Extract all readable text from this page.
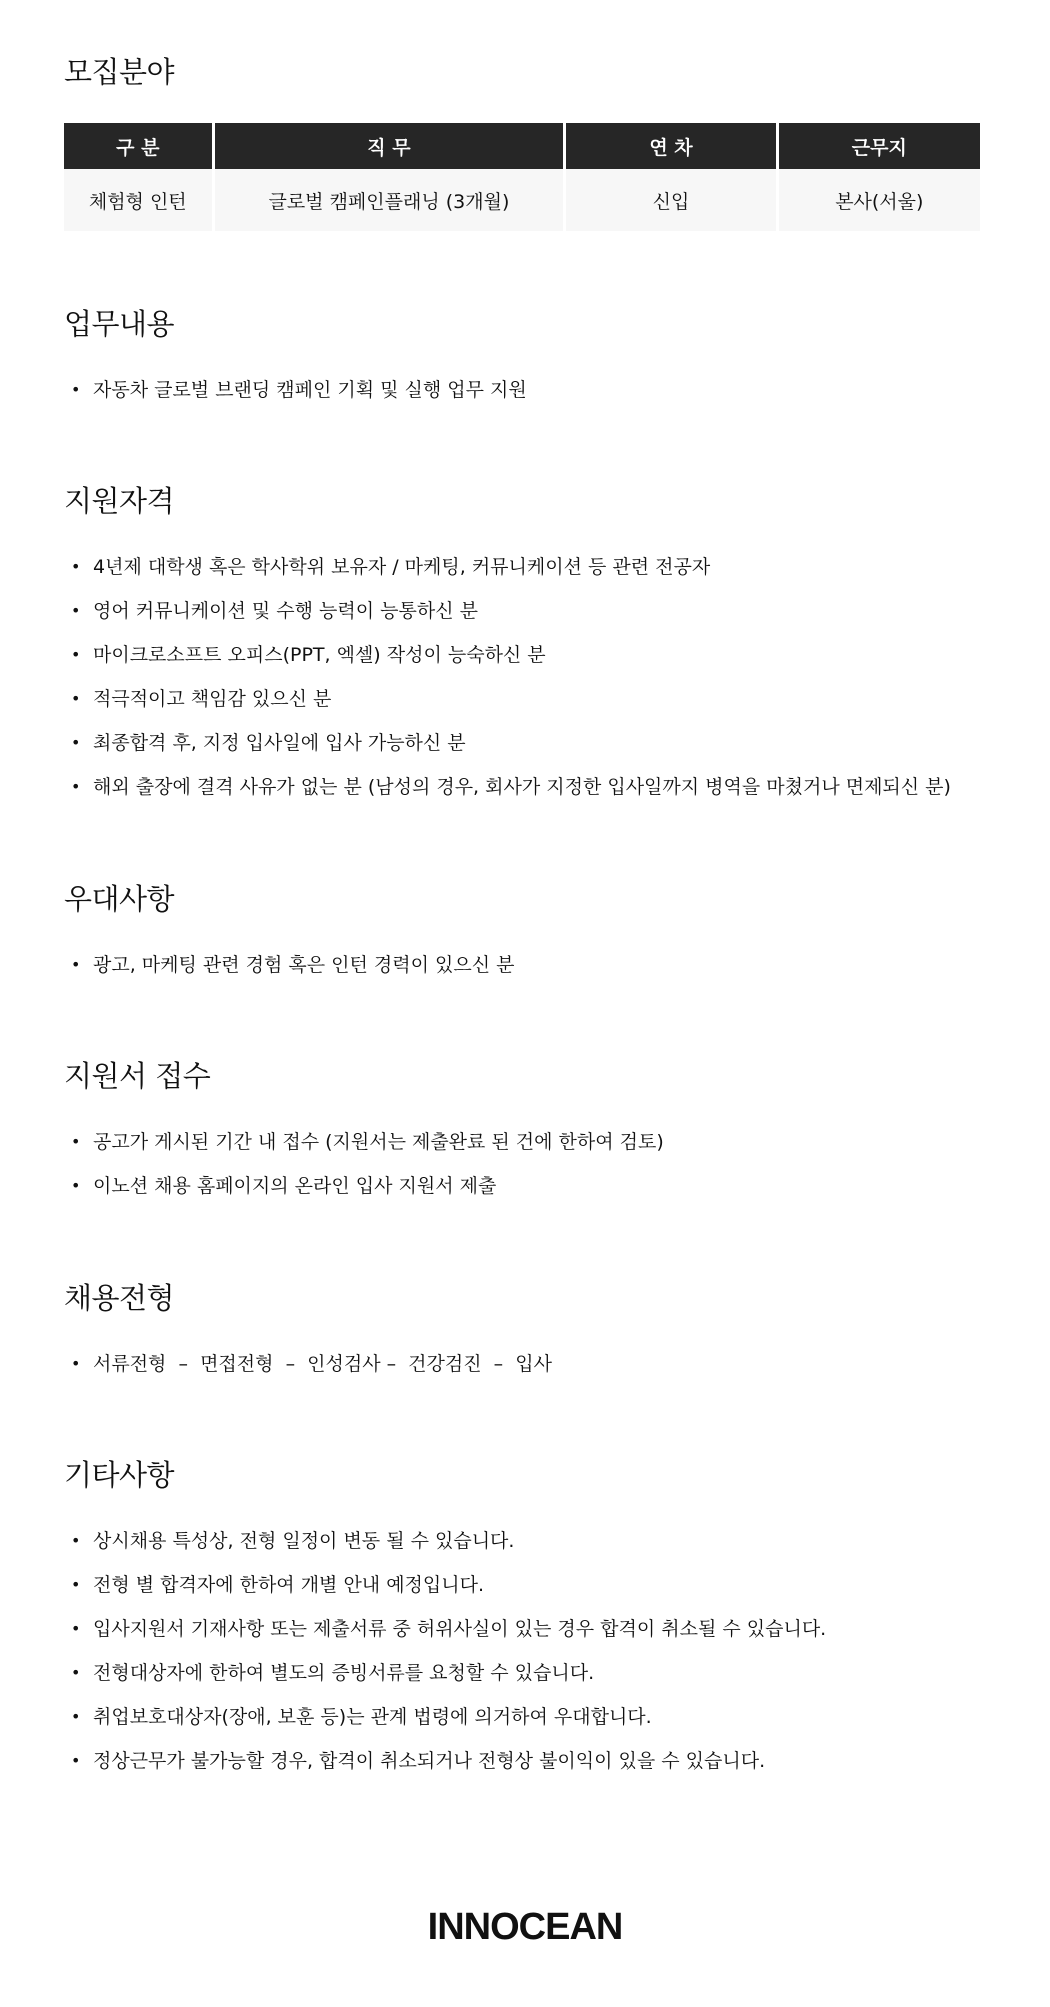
모집분야
구 분	직 무	연 차	근무지
체험형 인턴	글로벌 캠페인플래닝 (3개월)	신입	본사(서울)
업무내용
• 자동차 글로벌 브랜딩 캠페인 기획 및 실행 업무 지원
지원자격
• 4년제 대학생 혹은 학사학위 보유자 / 마케팅, 커뮤니케이션 등 관련 전공자
• 영어 커뮤니케이션 및 수행 능력이 능통하신 분
• 마이크로소프트 오피스(PPT, 엑셀) 작성이 능숙하신 분
• 적극적이고 책임감 있으신 분
• 최종합격 후, 지정 입사일에 입사 가능하신 분
• 해외 출장에 결격 사유가 없는 분 (남성의 경우, 회사가 지정한 입사일까지 병역을 마쳤거나 면제되신 분)
우대사항
• 광고, 마케팅 관련 경험 혹은 인턴 경력이 있으신 분
지원서 접수
• 공고가 게시된 기간 내 접수 (지원서는 제출완료 된 건에 한하여 검토)
• 이노션 채용 홈페이지의 온라인 입사 지원서 제출
채용전형
• 서류전형  –  면접전형  –  인성검사 –  건강검진  –  입사
기타사항
• 상시채용 특성상, 전형 일정이 변동 될 수 있습니다.
• 전형 별 합격자에 한하여 개별 안내 예정입니다.
• 입사지원서 기재사항 또는 제출서류 중 허위사실이 있는 경우 합격이 취소될 수 있습니다.
• 전형대상자에 한하여 별도의 증빙서류를 요청할 수 있습니다.
• 취업보호대상자(장애, 보훈 등)는 관계 법령에 의거하여 우대합니다.
• 정상근무가 불가능할 경우, 합격이 취소되거나 전형상 불이익이 있을 수 있습니다.
INNOCEAN
